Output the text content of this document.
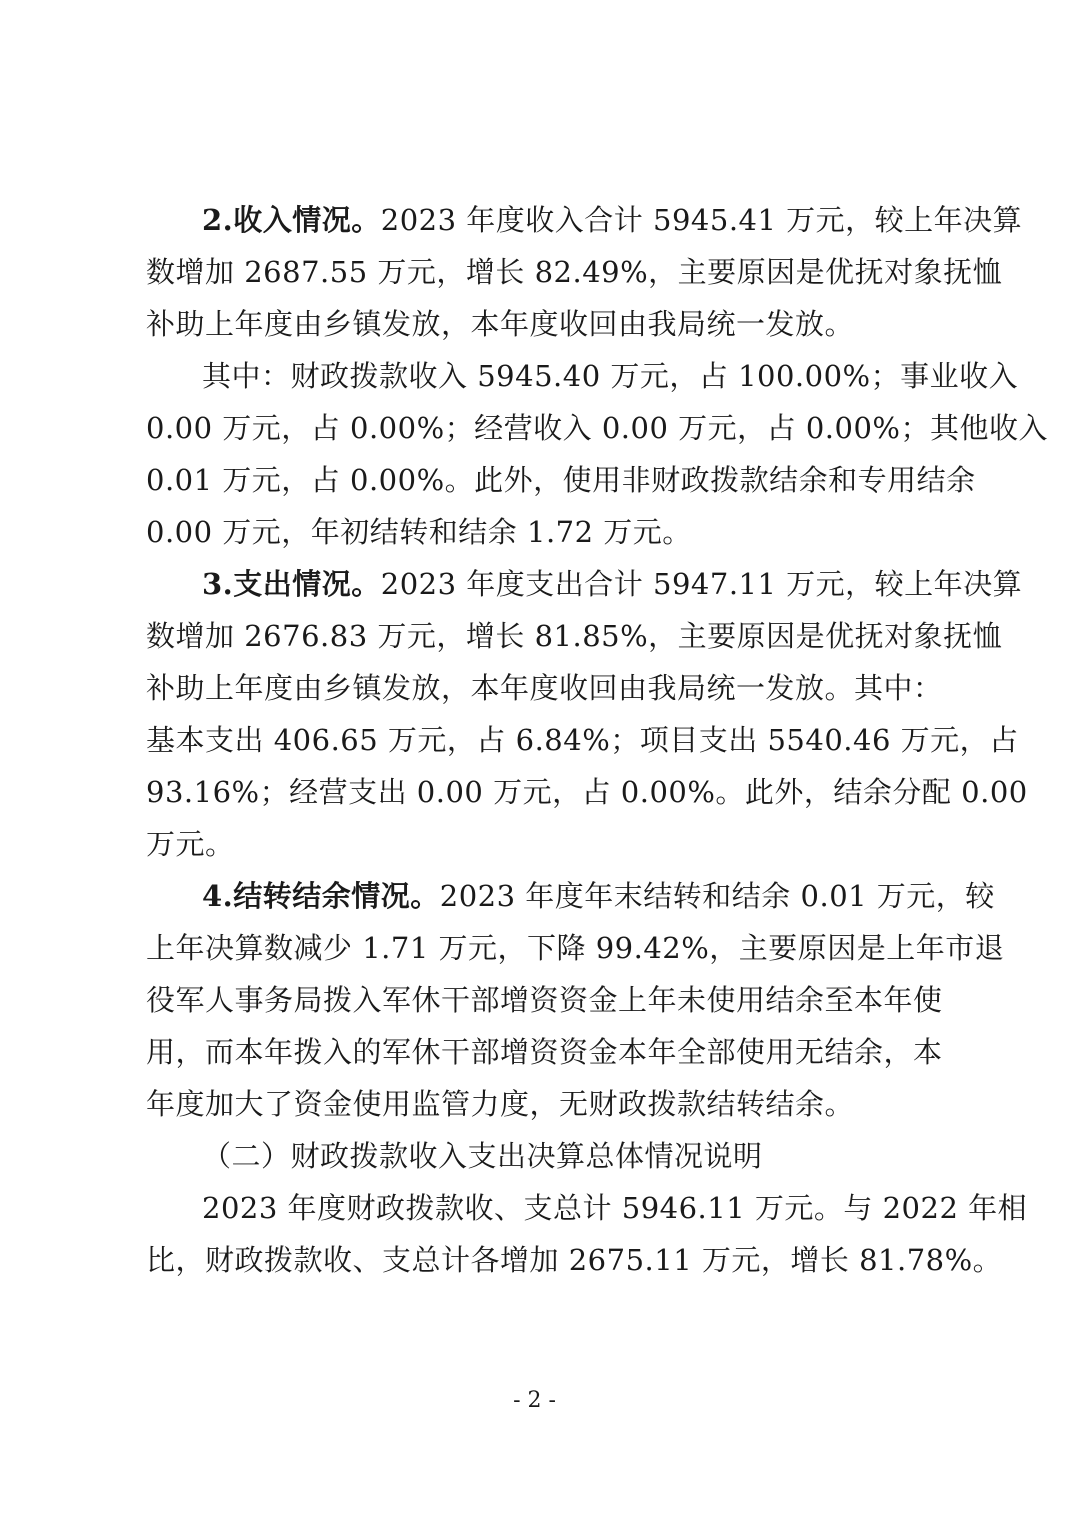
2.收入情况。2023 年度收入合计 5945.41 万元，较上年决算
数增加 2687.55 万元，增长 82.49%，主要原因是优抚对象抚恤
补助上年度由乡镇发放，本年度收回由我局统一发放。
其中：财政拨款收入 5945.40 万元，占 100.00%；事业收入
0.00 万元，占 0.00%；经营收入 0.00 万元，占 0.00%；其他收入
0.01 万元，占 0.00%。此外，使用非财政拨款结余和专用结余
0.00 万元，年初结转和结余 1.72 万元。
3.支出情况。2023 年度支出合计 5947.11 万元，较上年决算
数增加 2676.83 万元，增长 81.85%，主要原因是优抚对象抚恤
补助上年度由乡镇发放，本年度收回由我局统一发放。其中：
基本支出 406.65 万元，占 6.84%；项目支出 5540.46 万元，占
93.16%；经营支出 0.00 万元，占 0.00%。此外，结余分配 0.00
万元。
4.结转结余情况。2023 年度年末结转和结余 0.01 万元，较
上年决算数减少 1.71 万元，下降 99.42%，主要原因是上年市退
役军人事务局拨入军休干部增资资金上年未使用结余至本年使
用，而本年拨入的军休干部增资资金本年全部使用无结余，本
年度加大了资金使用监管力度，无财政拨款结转结余。
（二）财政拨款收入支出决算总体情况说明
2023 年度财政拨款收、支总计 5946.11 万元。与 2022 年相
比，财政拨款收、支总计各增加 2675.11 万元，增长 81.78%。
- 2 -
